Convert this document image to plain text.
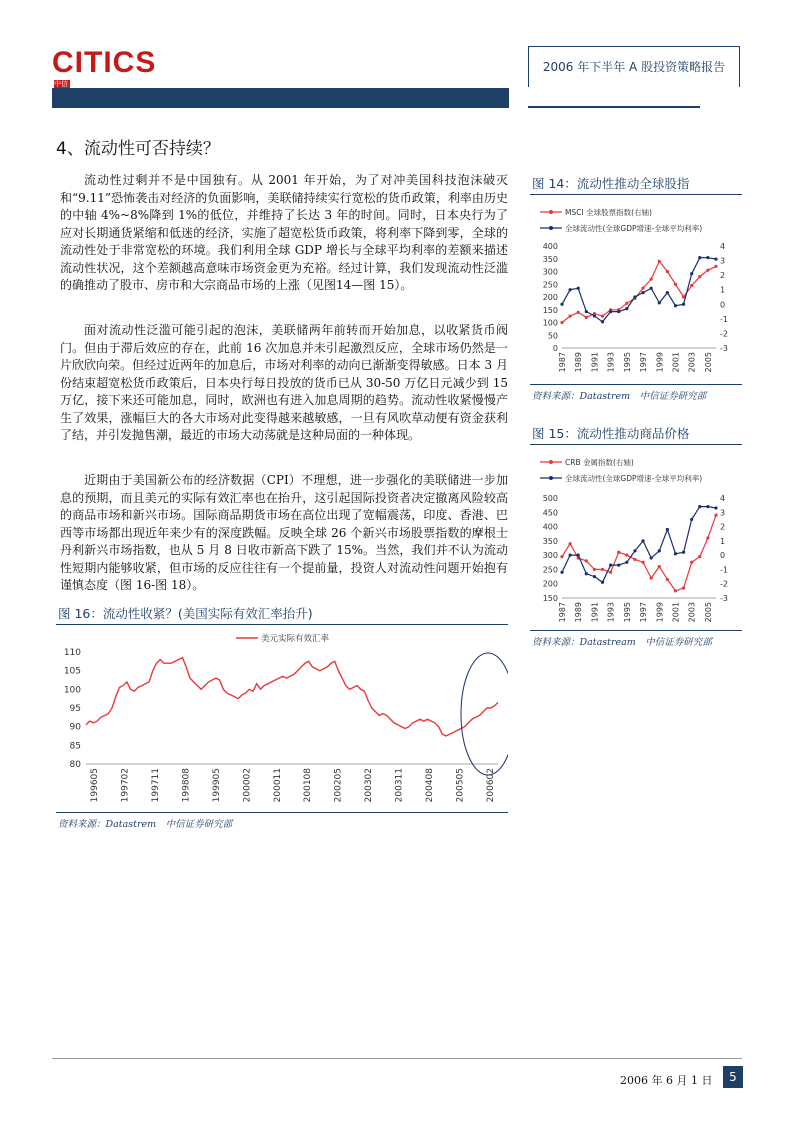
CITICS 中信
2006 年下半年 A 股投资策略报告
4、流动性可否持续？
流动性过剩并不是中国独有。从 2001 年开始，为了对冲美国科技泡沫破灭和“9.11”恐怖袭击对经济的负面影响，美联储持续实行宽松的货币政策，利率由历史的中轴 4%~8%降到 1%的低位，并维持了长达 3 年的时间。同时，日本央行为了应对长期通货紧缩和低迷的经济，实施了超宽松货币政策，将利率下降到零，全球的流动性处于非常宽松的环境。我们利用全球 GDP 增长与全球平均利率的差额来描述流动性状况，这个差额越高意味市场资金更为充裕。经过计算，我们发现流动性泛滥的确推动了股市、房市和大宗商品市场的上涨（见图14—图 15）。
面对流动性泛滥可能引起的泡沫，美联储两年前转而开始加息，以收紧货币阀门。但由于滞后效应的存在，此前 16 次加息并未引起激烈反应，全球市场仍然是一片欣欣向荣。但经过近两年的加息后，市场对利率的动向已渐渐变得敏感。日本 3 月份结束超宽松货币政策后，日本央行每日投放的货币已从 30-50 万亿日元减少到 15 万亿，接下来还可能加息，同时，欧洲也有进入加息周期的趋势。流动性收紧慢慢产生了效果，涨幅巨大的各大市场对此变得越来越敏感，一旦有风吹草动便有资金获利了结，并引发抛售潮，最近的市场大动荡就是这种局面的一种体现。
近期由于美国新公布的经济数据（CPI）不理想，进一步强化的美联储进一步加息的预期，而且美元的实际有效汇率也在抬升，这引起国际投资者决定撤离风险较高的商品市场和新兴市场。国际商品期货市场在高位出现了宽幅震荡，印度、香港、巴西等市场都出现近年来少有的深度跌幅。反映全球 26 个新兴市场股票指数的摩根士丹利新兴市场指数，也从 5 月 8 日收市新高下跌了 15%。当然，我们并不认为流动性短期内能够收紧，但市场的反应往往有一个提前量，投资人对流动性问题开始抱有谨慎态度（图 16-图 18）。
图 14：流动性推动全球股指
MSCI 全球股票指数(右轴)
全球流动性(全球GDP增速-全球平均利率)
0
50
100
150
200
250
300
350
400
-3
-2
-1
0
1
2
3
4
1987 1989 1991 1993 1995 1997 1999 2001 2003 2005
资料来源：Datastrem　中信证券研究部
图 15：流动性推动商品价格
CRB 金属指数(右轴)
全球流动性(全球GDP增速-全球平均利率)
150
200
250
300
350
400
450
500
-3
-2
-1
0
1
2
3
4
1987 1989 1991 1993 1995 1997 1999 2001 2003 2005
资料来源：Datastream　中信证券研究部
图 16：流动性收紧？(美国实际有效汇率抬升)
美元实际有效汇率
80
85
90
95
100
105
110
199605 199702 199711 199808 199905 200002 200011 200108 200205 200302 200311 200408 200505 200602
资料来源：Datastrem　中信证券研究部
2006 年 6 月 1 日	5
